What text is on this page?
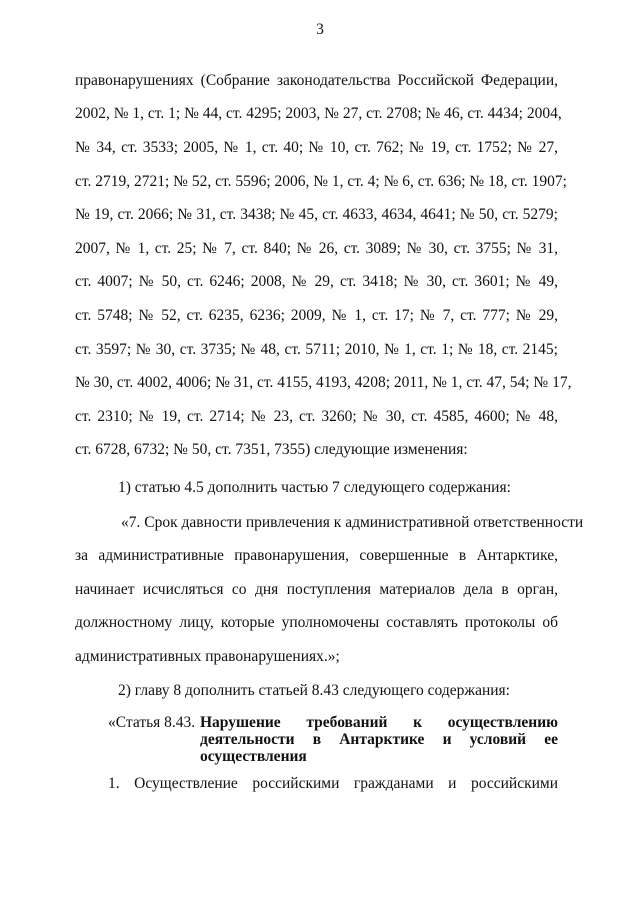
3
правонарушениях (Собрание законодательства Российской Федерации,
2002, № 1, ст. 1; № 44, ст. 4295; 2003, № 27, ст. 2708; № 46, ст. 4434; 2004,
№ 34, ст. 3533; 2005, № 1, ст. 40; № 10, ст. 762; № 19, ст. 1752; № 27,
ст. 2719, 2721; № 52, ст. 5596; 2006, № 1, ст. 4; № 6, ст. 636; № 18, ст. 1907;
№ 19, ст. 2066; № 31, ст. 3438; № 45, ст. 4633, 4634, 4641; № 50, ст. 5279;
2007, № 1, ст. 25; № 7, ст. 840; № 26, ст. 3089; № 30, ст. 3755; № 31,
ст. 4007; № 50, ст. 6246; 2008, № 29, ст. 3418; № 30, ст. 3601; № 49,
ст. 5748; № 52, ст. 6235, 6236; 2009, № 1, ст. 17; № 7, ст. 777; № 29,
ст. 3597; № 30, ст. 3735; № 48, ст. 5711; 2010, № 1, ст. 1; № 18, ст. 2145;
№ 30, ст. 4002, 4006; № 31, ст. 4155, 4193, 4208; 2011, № 1, ст. 47, 54; № 17,
ст. 2310; № 19, ст. 2714; № 23, ст. 3260; № 30, ст. 4585, 4600; № 48,
ст. 6728, 6732; № 50, ст. 7351, 7355) следующие изменения:
1) статью 4.5 дополнить частью 7 следующего содержания:
«7. Срок давности привлечения к административной ответственности
за административные правонарушения, совершенные в Антарктике,
начинает исчисляться со дня поступления материалов дела в орган,
должностному лицу, которые уполномочены составлять протоколы об
административных правонарушениях.»;
2) главу 8 дополнить статьей 8.43 следующего содержания:
«Статья 8.43. Нарушение требований к осуществлению
деятельности в Антарктике и условий ее
осуществления
1. Осуществление российскими гражданами и российскими
